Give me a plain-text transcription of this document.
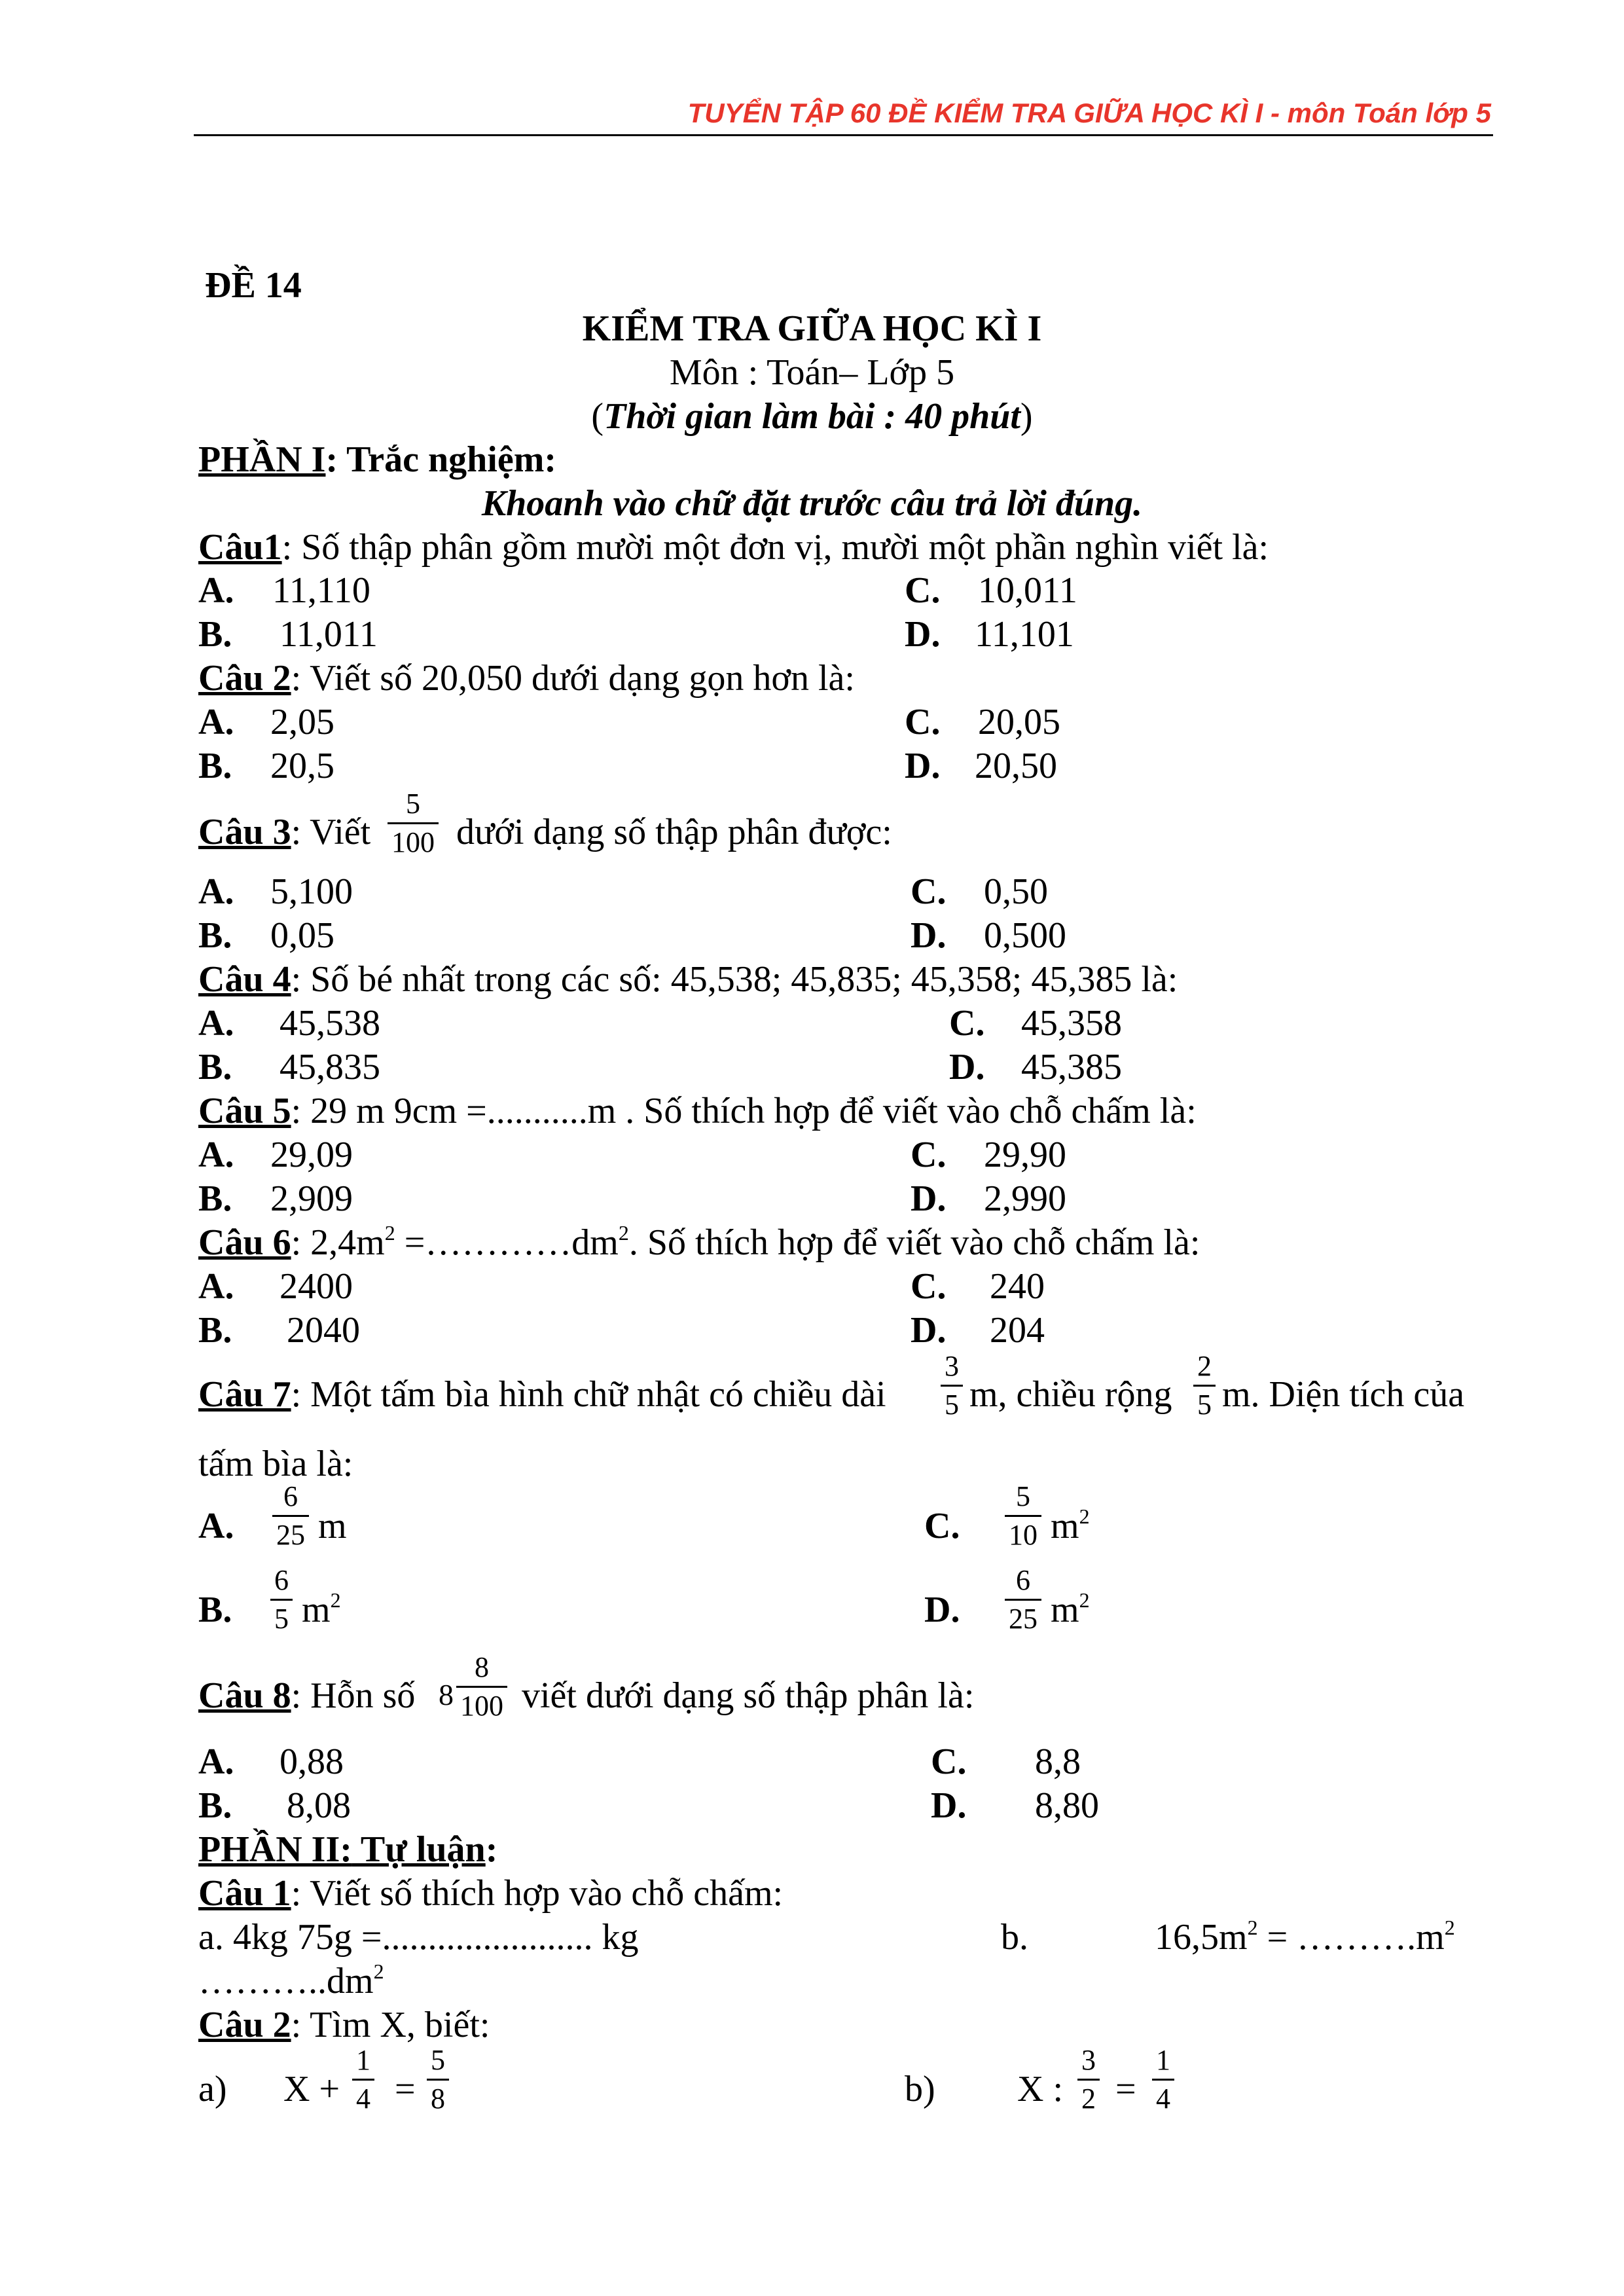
TUYỂN TẬP 60 ĐỀ KIỂM TRA GIỮA HỌC KÌ I - môn Toán lớp 5
ĐỀ 14
KIỂM TRA GIỮA HỌC KÌ I
Môn : Toán– Lớp 5
(Thời gian làm bài : 40 phút)
PHẦN I: Trắc nghiệm:
Khoanh vào chữ đặt trước câu trả lời đúng.
Câu1: Số thập phân gồm mười một đơn vị, mười một phần nghìn viết là:
A. 11,110	C. 10,011
B. 11,011	D. 11,101
Câu 2: Viết số 20,050 dưới dạng gọn hơn là:
A. 2,05	C. 20,05
B. 20,5	D. 20,50
Câu 3: Viết $\frac{5}{100}$ dưới dạng số thập phân được:
A. 5,100	C. 0,50
B. 0,05	D. 0,500
Câu 4: Số bé nhất trong các số: 45,538; 45,835; 45,358; 45,385 là:
A. 45,538	C. 45,358
B. 45,835	D. 45,385
Câu 5: 29 m 9cm =...........m . Số thích hợp để viết vào chỗ chấm là:
A. 29,09	C. 29,90
B. 2,909	D. 2,990
Câu 6: $2,4m^2$ $=\dots\dots\dots\dots dm^2$. Số thích hợp để viết vào chỗ chấm là:
A. 2400	C. 240
B. 2040	D. 204
Câu 7: Một tấm bìa hình chữ nhật có chiều dài $\frac{3}{5} m$, chiều rộng $\frac{2}{5} m$. Diện tích của
tấm bìa là:
A. $\frac{6}{25}$ m	C. $\frac{5}{10} m^2$
B. $\frac{6}{5} m^2$	D. $\frac{6}{25} m^2$
Câu 8: Hỗn số $8 \frac{8}{100}$ viết dưới dạng số thập phân là:
A. 0,88	C. 8,8
B. 8,08	D. 8,80
PHẦN II: Tự luận:
Câu 1: Viết số thích hợp vào chỗ chấm:
a. 4kg 75g =....................... kg	b.	$16,5m^2$ = $\dots\dots\dots.m^2$
$\dots\dots\dots..dm^2$
Câu 2: Tìm X, biết:
a) $X + \frac{1}{4} = \frac{5}{8}$	b) X : $\frac{3}{2} = \frac{1}{4}$
